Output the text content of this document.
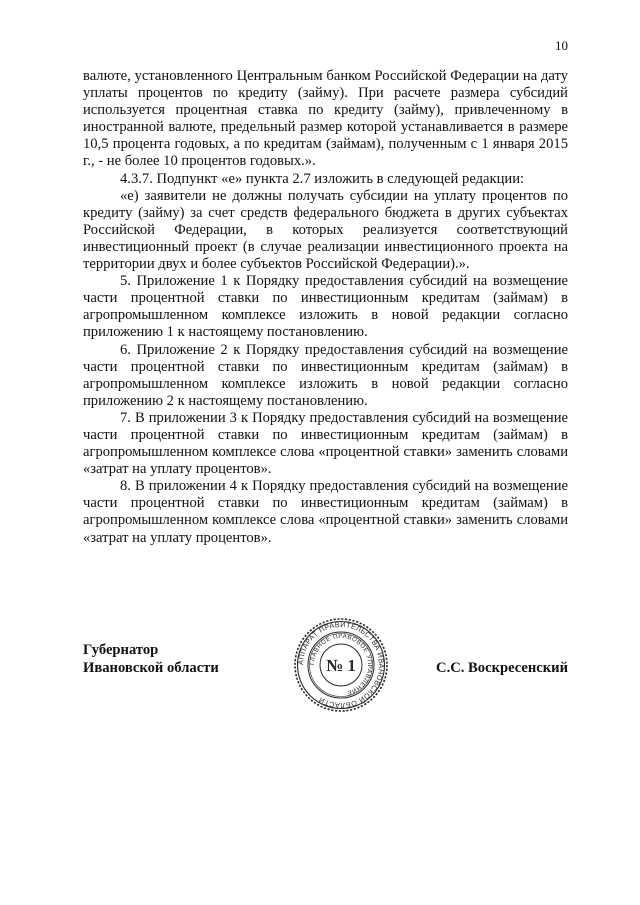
10

валюте, установленного Центральным банком Российской Федерации на дату уплаты процентов по кредиту (займу). При расчете размера субсидий используется процентная ставка по кредиту (займу), привлеченному в иностранной валюте, предельный размер которой устанавливается в размере 10,5 процента годовых, а по кредитам (займам), полученным с 1 января 2015 г., - не более 10 процентов годовых.».

4.3.7. Подпункт «е» пункта 2.7 изложить в следующей редакции:

«е) заявители не должны получать субсидии на уплату процентов по кредиту (займу) за счет средств федерального бюджета в других субъектах Российской Федерации, в которых реализуется соответствующий инвестиционный проект (в случае реализации инвестиционного проекта на территории двух и более субъектов Российской Федерации).».

5. Приложение 1 к Порядку предоставления субсидий на возмещение части процентной ставки по инвестиционным кредитам (займам) в агропромышленном комплексе изложить в новой редакции согласно приложению 1 к настоящему постановлению.

6. Приложение 2 к Порядку предоставления субсидий на возмещение части процентной ставки по инвестиционным кредитам (займам) в агропромышленном комплексе изложить в новой редакции согласно приложению 2 к настоящему постановлению.

7. В приложении 3 к Порядку предоставления субсидий на возмещение части процентной ставки по инвестиционным кредитам (займам) в агропромышленном комплексе слова «процентной ставки» заменить словами «затрат на уплату процентов».

8. В приложении 4 к Порядку предоставления субсидий на возмещение части процентной ставки по инвестиционным кредитам (займам) в агропромышленном комплексе слова «процентной ставки» заменить словами «затрат на уплату процентов».

Губернатор
Ивановской области	С.С. Воскресенский
АППАРАТ ПРАВИТЕЛЬСТВА ИВАНОВСКОЙ ОБЛАСТИ
ГЛАВНОЕ ПРАВОВОЕ УПРАВЛЕНИЕ
№ 1
